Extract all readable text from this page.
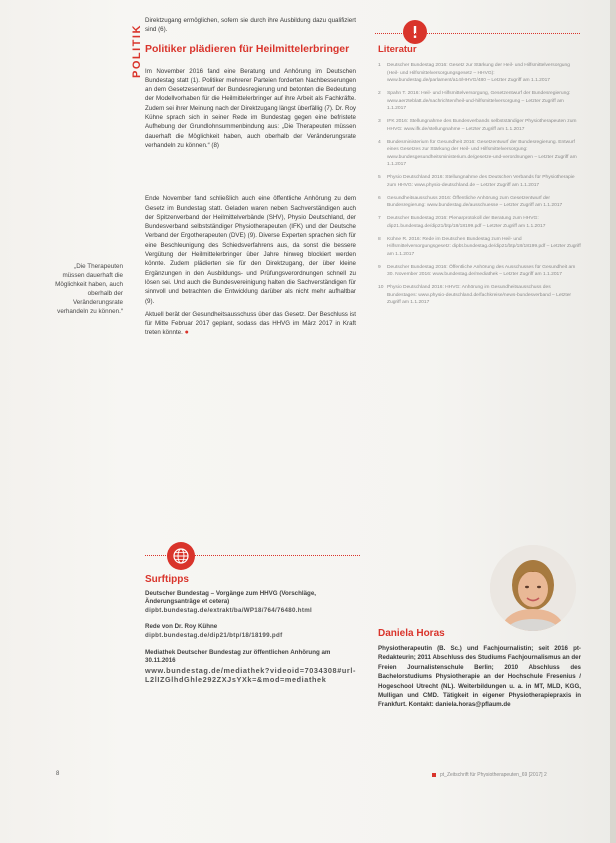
POLITIK
„Die Therapeuten müssen dauerhaft die Möglichkeit haben, auch oberhalb der Veränderungsrate verhandeln zu können.“

Direktzugang ermöglichen, sofern sie durch ihre Ausbildung dazu qualifiziert sind (6).

Politiker plädieren für Heilmittelerbringer

Im November 2016 fand eine Beratung und Anhörung im Deutschen Bundestag statt (1). Politiker mehrerer Parteien forderten Nachbesserungen an dem Gesetzesentwurf der Bundesregierung und betonten die Bedeutung der Modellvorhaben für die Heilmittelerbringer auf ihre Arbeit als Fachkräfte. Zudem sei ihrer Meinung nach der Direktzugang längst überfällig (7). Dr. Roy Kühne sprach sich in seiner Rede im Bundestag gegen eine befristete Aufhebung der Grundlohnsummenbindung aus: „Die Therapeuten müssen dauerhaft die Möglichkeit haben, auch oberhalb der Veränderungsrate verhandeln zu können.“ (8)

Ende November fand schließlich auch eine öffentliche Anhörung zu dem Gesetz im Bundestag statt. Geladen waren neben Sachverständigen auch der Spitzenverband der Heilmittelverbände (SHV), Physio Deutschland, der Bundesverband selbstständiger Physiotherapeuten (IFK) und der Deutsche Verband der Ergotherapeuten (DVE) (9). Diverse Experten sprachen sich für eine Beschleunigung des Schiedsverfahrens aus, da sonst die bessere Vergütung der Heilmittelerbringer über Jahre hinweg blockiert werden könnte. Zudem plädierten sie für den Direktzugang, der über kleine Ergänzungen in den Ausbildungs- und Prüfungsverordnungen schnell zu lösen sei. Und auch die Bundesvereinigung halten die Sachverständigen für sinnvoll und betrachten die Entwicklung darüber als nicht mehr aufhaltbar (9).

Aktuell berät der Gesundheitsausschuss über das Gesetz. Der Beschluss ist für Mitte Februar 2017 geplant, sodass das HHVG im März 2017 in Kraft treten könnte. ●

Surftipps
Deutscher Bundestag – Vorgänge zum HHVG (Vorschläge, Änderungsanträge et cetera)
dipbt.bundestag.de/extrakt/ba/WP18/764/76480.html
Rede von Dr. Roy Kühne
dipbt.bundestag.de/dip21/btp/18/18199.pdf
Mediathek Deutscher Bundestag zur öffentlichen Anhörung am 30.11.2016
www.bundestag.de/mediathek?videoid=7034308#url-L2lIZGlhdGhle292ZXJsYXk=&mod=mediathek
Literatur
1	Deutscher Bundestag 2016: Gesetz zur Stärkung der Heil- und Hilfsmittelversorgung (Heil- und Hilfsmittelversorgungsgesetz – HHVG): www.bundestag.de/parlament/a14/HHVG/480 – Letzter Zugriff am 1.1.2017
2	Spahn T. 2016: Heil- und Hilfsmittelversorgung, Gesetzentwurf der Bundesregierung: www.aerzteblatt.de/nachrichten/heil-und-hilfsmittelversorgung – Letzter Zugriff am 1.1.2017
3	IFK 2016: Stellungnahme des Bundesverbands selbstständiger Physiotherapeuten zum HHVG: www.ifk.de/stellungnahme – Letzter Zugriff am 1.1.2017
4	Bundesministerium für Gesundheit 2016: Gesetzentwurf der Bundesregierung. Entwurf eines Gesetzes zur Stärkung der Heil- und Hilfsmittelversorgung: www.bundesgesundheitsministerium.de/gesetze-und-verordnungen – Letzter Zugriff am 1.1.2017
5	Physio Deutschland 2016: Stellungnahme des Deutschen Verbands für Physiotherapie zum HHVG: www.physio-deutschland.de – Letzter Zugriff am 1.1.2017
6	Gesundheitsausschuss 2016: Öffentliche Anhörung zum Gesetzentwurf der Bundesregierung: www.bundestag.de/ausschuesse – Letzter Zugriff am 1.1.2017
7	Deutscher Bundestag 2016: Plenarprotokoll der Beratung zum HHVG: dip21.bundestag.de/dip21/btp/18/18199.pdf – Letzter Zugriff am 1.1.2017
8	Kühne R. 2016: Rede im Deutschen Bundestag zum Heil- und Hilfsmittelversorgungsgesetz: dipbt.bundestag.de/dip21/btp/18/18199.pdf – Letzter Zugriff am 1.1.2017
9	Deutscher Bundestag 2016: Öffentliche Anhörung des Ausschusses für Gesundheit am 30. November 2016: www.bundestag.de/mediathek – Letzter Zugriff am 1.1.2017
10 Physio Deutschland 2016: HHVG: Anhörung im Gesundheitsausschuss des Bundestages: www.physio-deutschland.de/fachkreise/news-bundesverband – Letzter Zugriff am 1.1.2017
Daniela Horas
Physiotherapeutin (B. Sc.) und Fachjournalistin; seit 2016 pt-Redakteurin; 2011 Abschluss des Studiums Fachjournalismus an der Freien Journalistenschule Berlin; 2010 Abschluss des Bachelorstudiums Physiotherapie an der Hochschule Fresenius / Hogeschool Utrecht (NL). Weiterbildungen u. a. in MT, MLD, KGG, Mulligan und CMD. Tätigkeit in eigener Physiotherapiepraxis in Frankfurt. Kontakt: daniela.horas@pflaum.de
8	pt_Zeitschrift für Physiotherapeuten_69 [2017] 2
